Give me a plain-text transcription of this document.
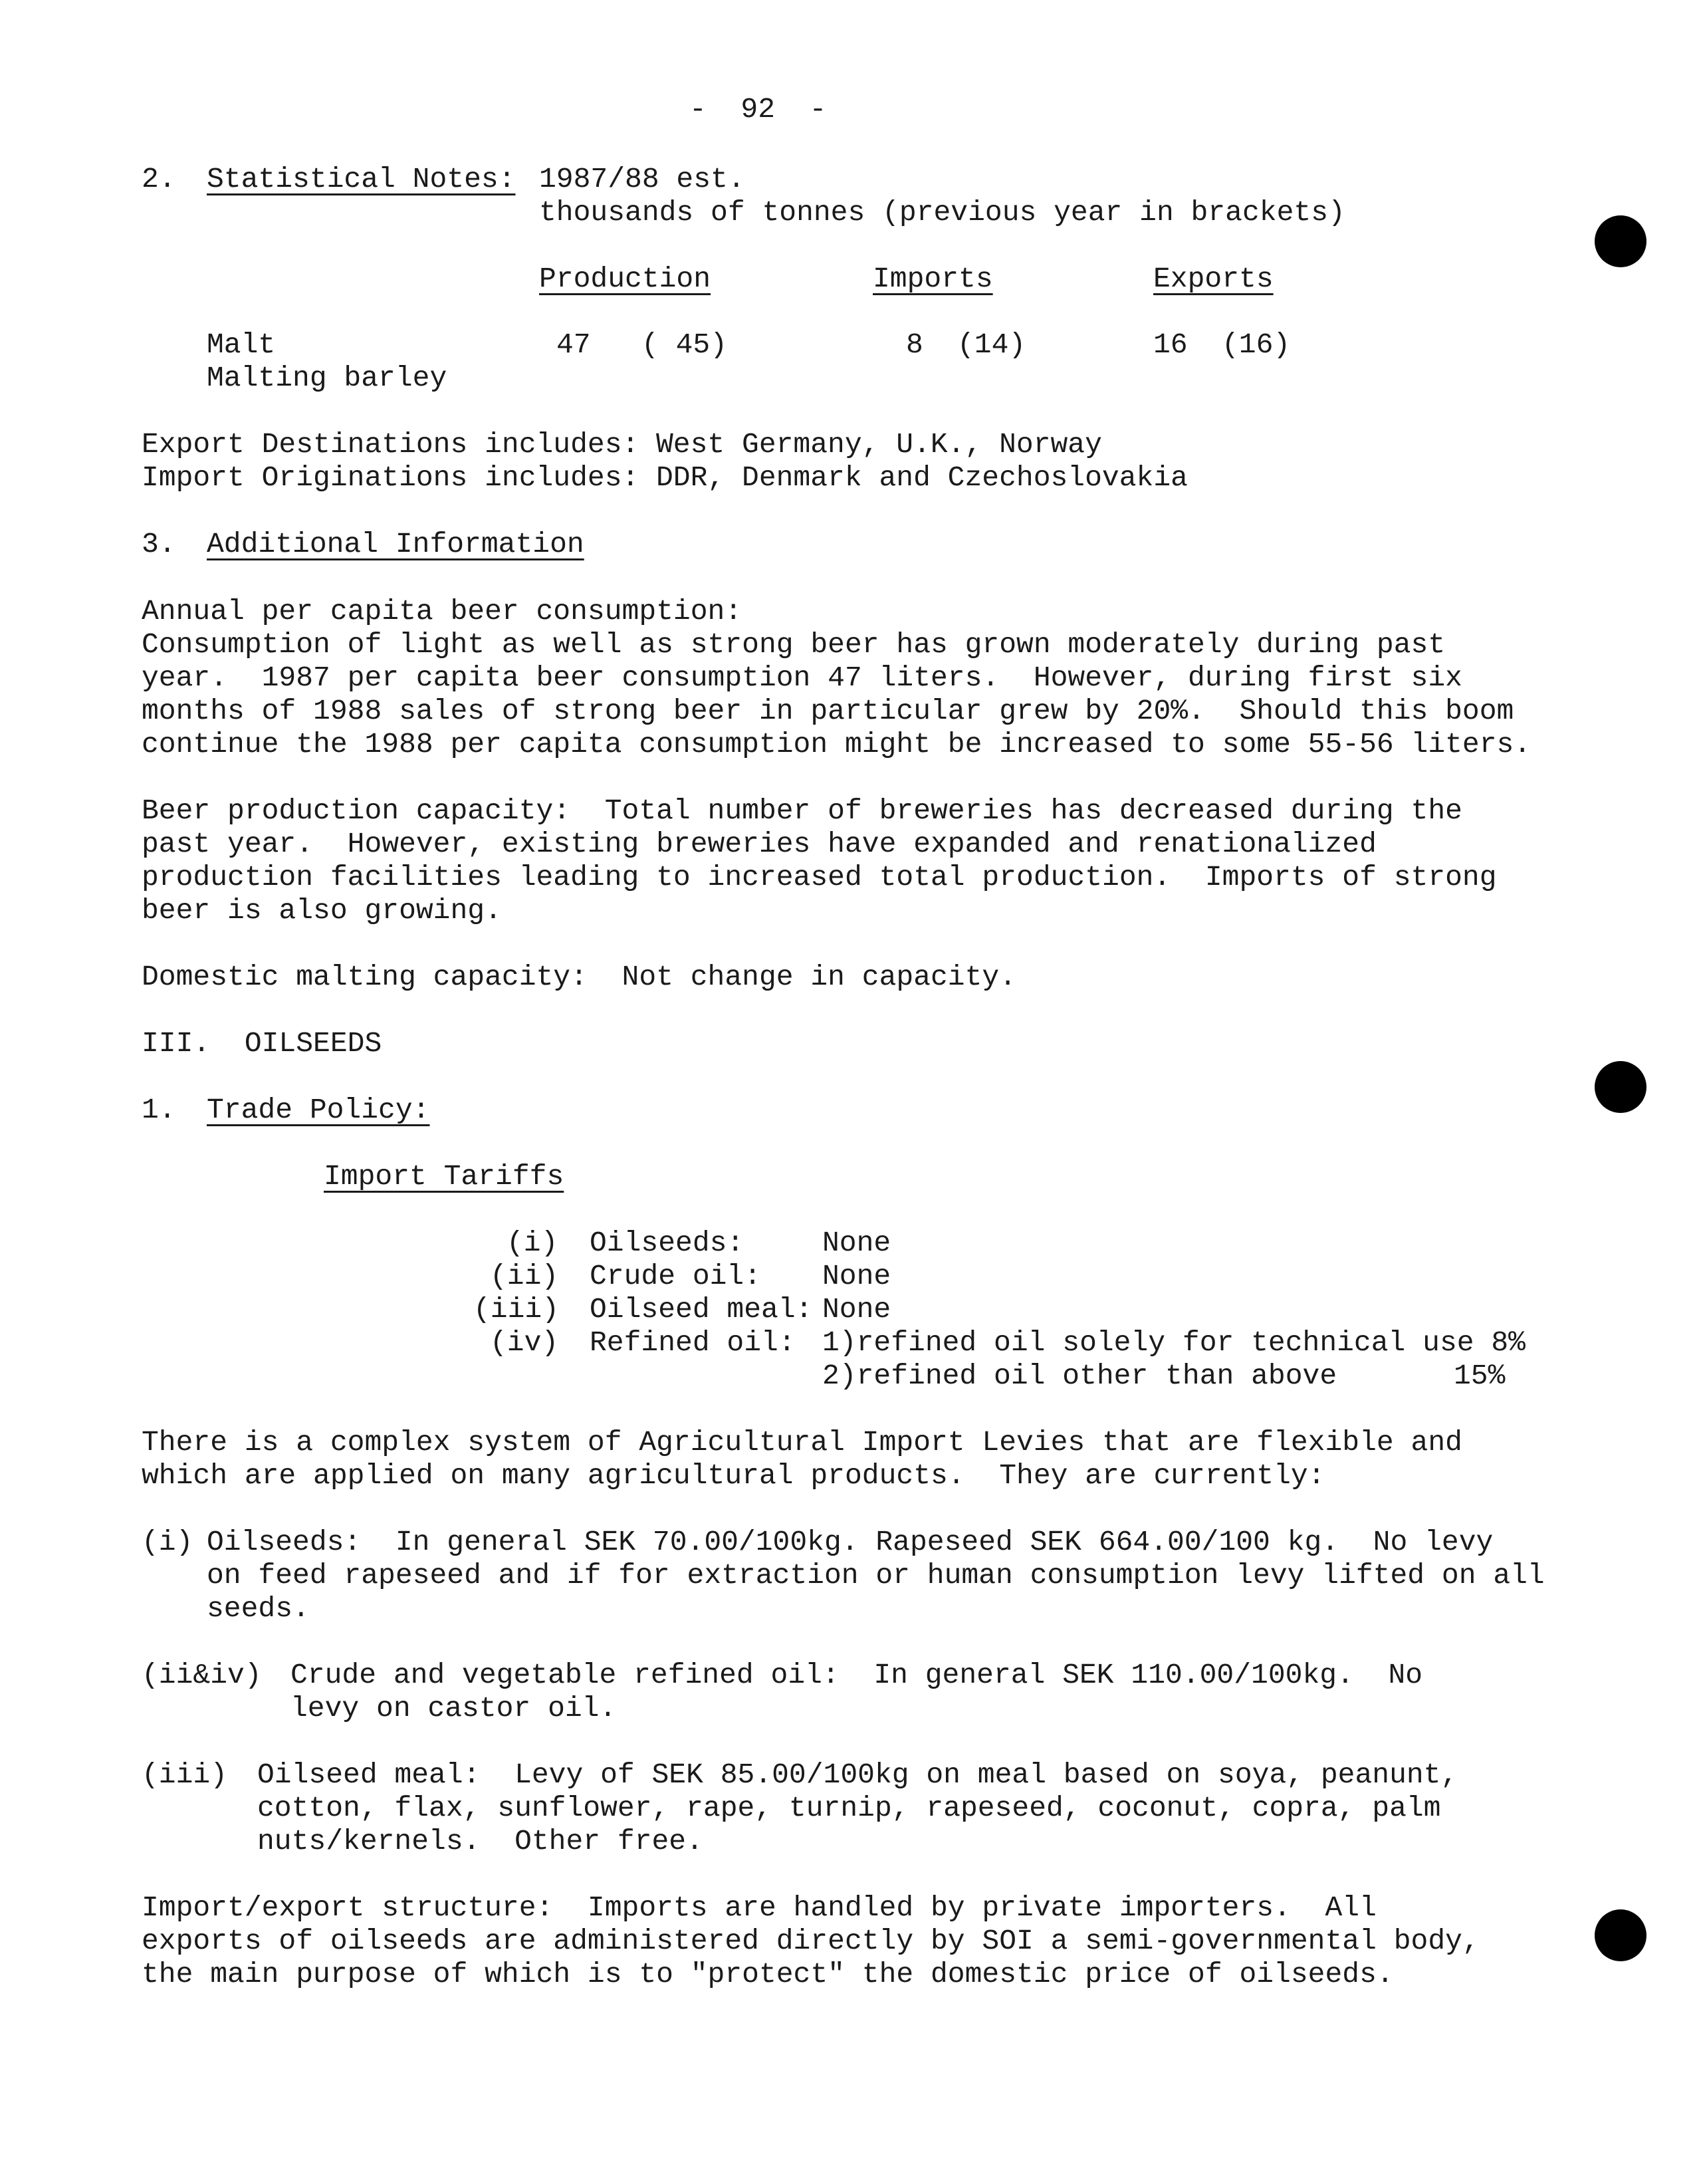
-  92  -
2. Statistical Notes: 1987/88 est.
thousands of tonnes (previous year in brackets)
Production	Imports	Exports
Malt	47 ( 45)	8 (14)	16 (16)
Malting barley
Export Destinations includes: West Germany, U.K., Norway
Import Originations includes: DDR, Denmark and Czechoslovakia
3. Additional Information
Annual per capita beer consumption:
Consumption of light as well as strong beer has grown moderately during past
year.  1987 per capita beer consumption 47 liters.  However, during first six
months of 1988 sales of strong beer in particular grew by 20%.  Should this boom
continue the 1988 per capita consumption might be increased to some 55-56 liters.
Beer production capacity:  Total number of breweries has decreased during the
past year.  However, existing breweries have expanded and renationalized
production facilities leading to increased total production.  Imports of strong
beer is also growing.
Domestic malting capacity:  Not change in capacity.
III.  OILSEEDS
1. Trade Policy:
Import Tariffs
(i) Oilseeds:	None
(ii) Crude oil: None
(iii) Oilseed meal: None
(iv) Refined oil: 1)refined oil solely for technical use 8%
2)refined oil other than above	15%
There is a complex system of Agricultural Import Levies that are flexible and
which are applied on many agricultural products.  They are currently:
(i) Oilseeds:  In general SEK 70.00/100kg. Rapeseed SEK 664.00/100 kg.  No levy
on feed rapeseed and if for extraction or human consumption levy lifted on all
seeds.
(ii&iv) Crude and vegetable refined oil:  In general SEK 110.00/100kg.  No
levy on castor oil.
(iii) Oilseed meal:  Levy of SEK 85.00/100kg on meal based on soya, peanunt,
cotton, flax, sunflower, rape, turnip, rapeseed, coconut, copra, palm
nuts/kernels.  Other free.
Import/export structure:  Imports are handled by private importers.  All
exports of oilseeds are administered directly by SOI a semi-governmental body,
the main purpose of which is to "protect" the domestic price of oilseeds.
